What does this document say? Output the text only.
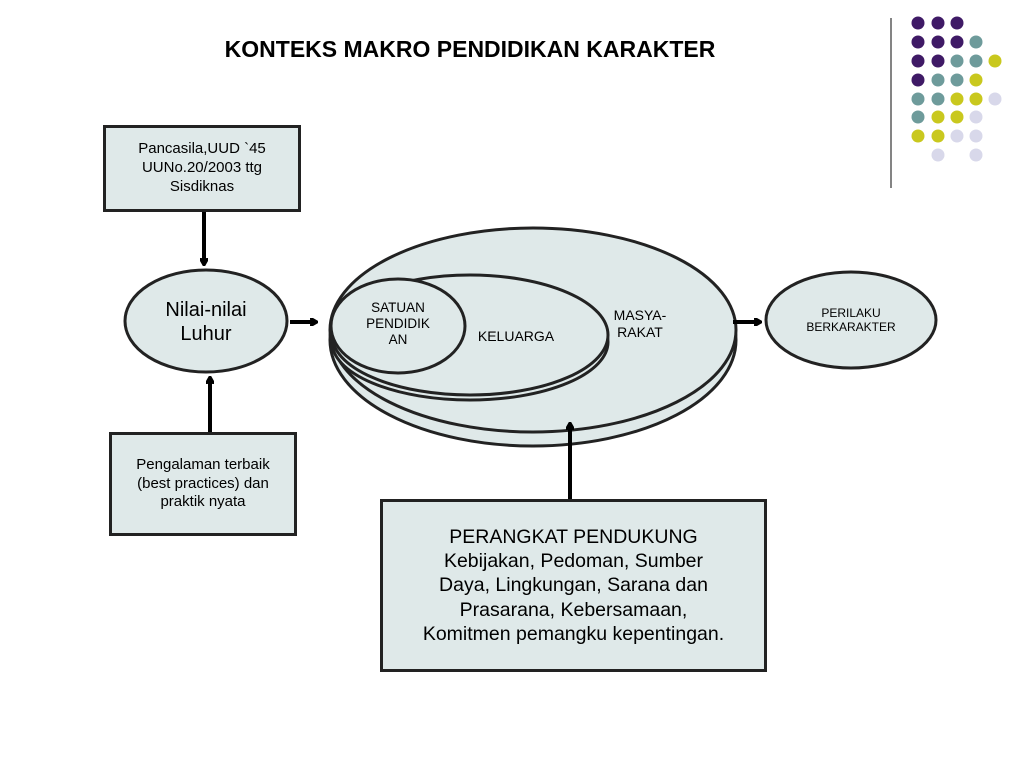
KONTEKS MAKRO PENDIDIKAN KARAKTER
Pancasila,UUD `45
UUNo.20/2003 ttg
Sisdiknas
Pengalaman terbaik
(best practices) dan
praktik nyata
PERANGKAT PENDUKUNG
Kebijakan, Pedoman, Sumber
Daya, Lingkungan, Sarana dan
Prasarana, Kebersamaan,
Komitmen pemangku kepentingan.
Nilai-nilai
Luhur
SATUAN
PENDIDIK
AN	KELUARGA
MASYA-
RAKAT
PERILAKU
BERKARAKTER
